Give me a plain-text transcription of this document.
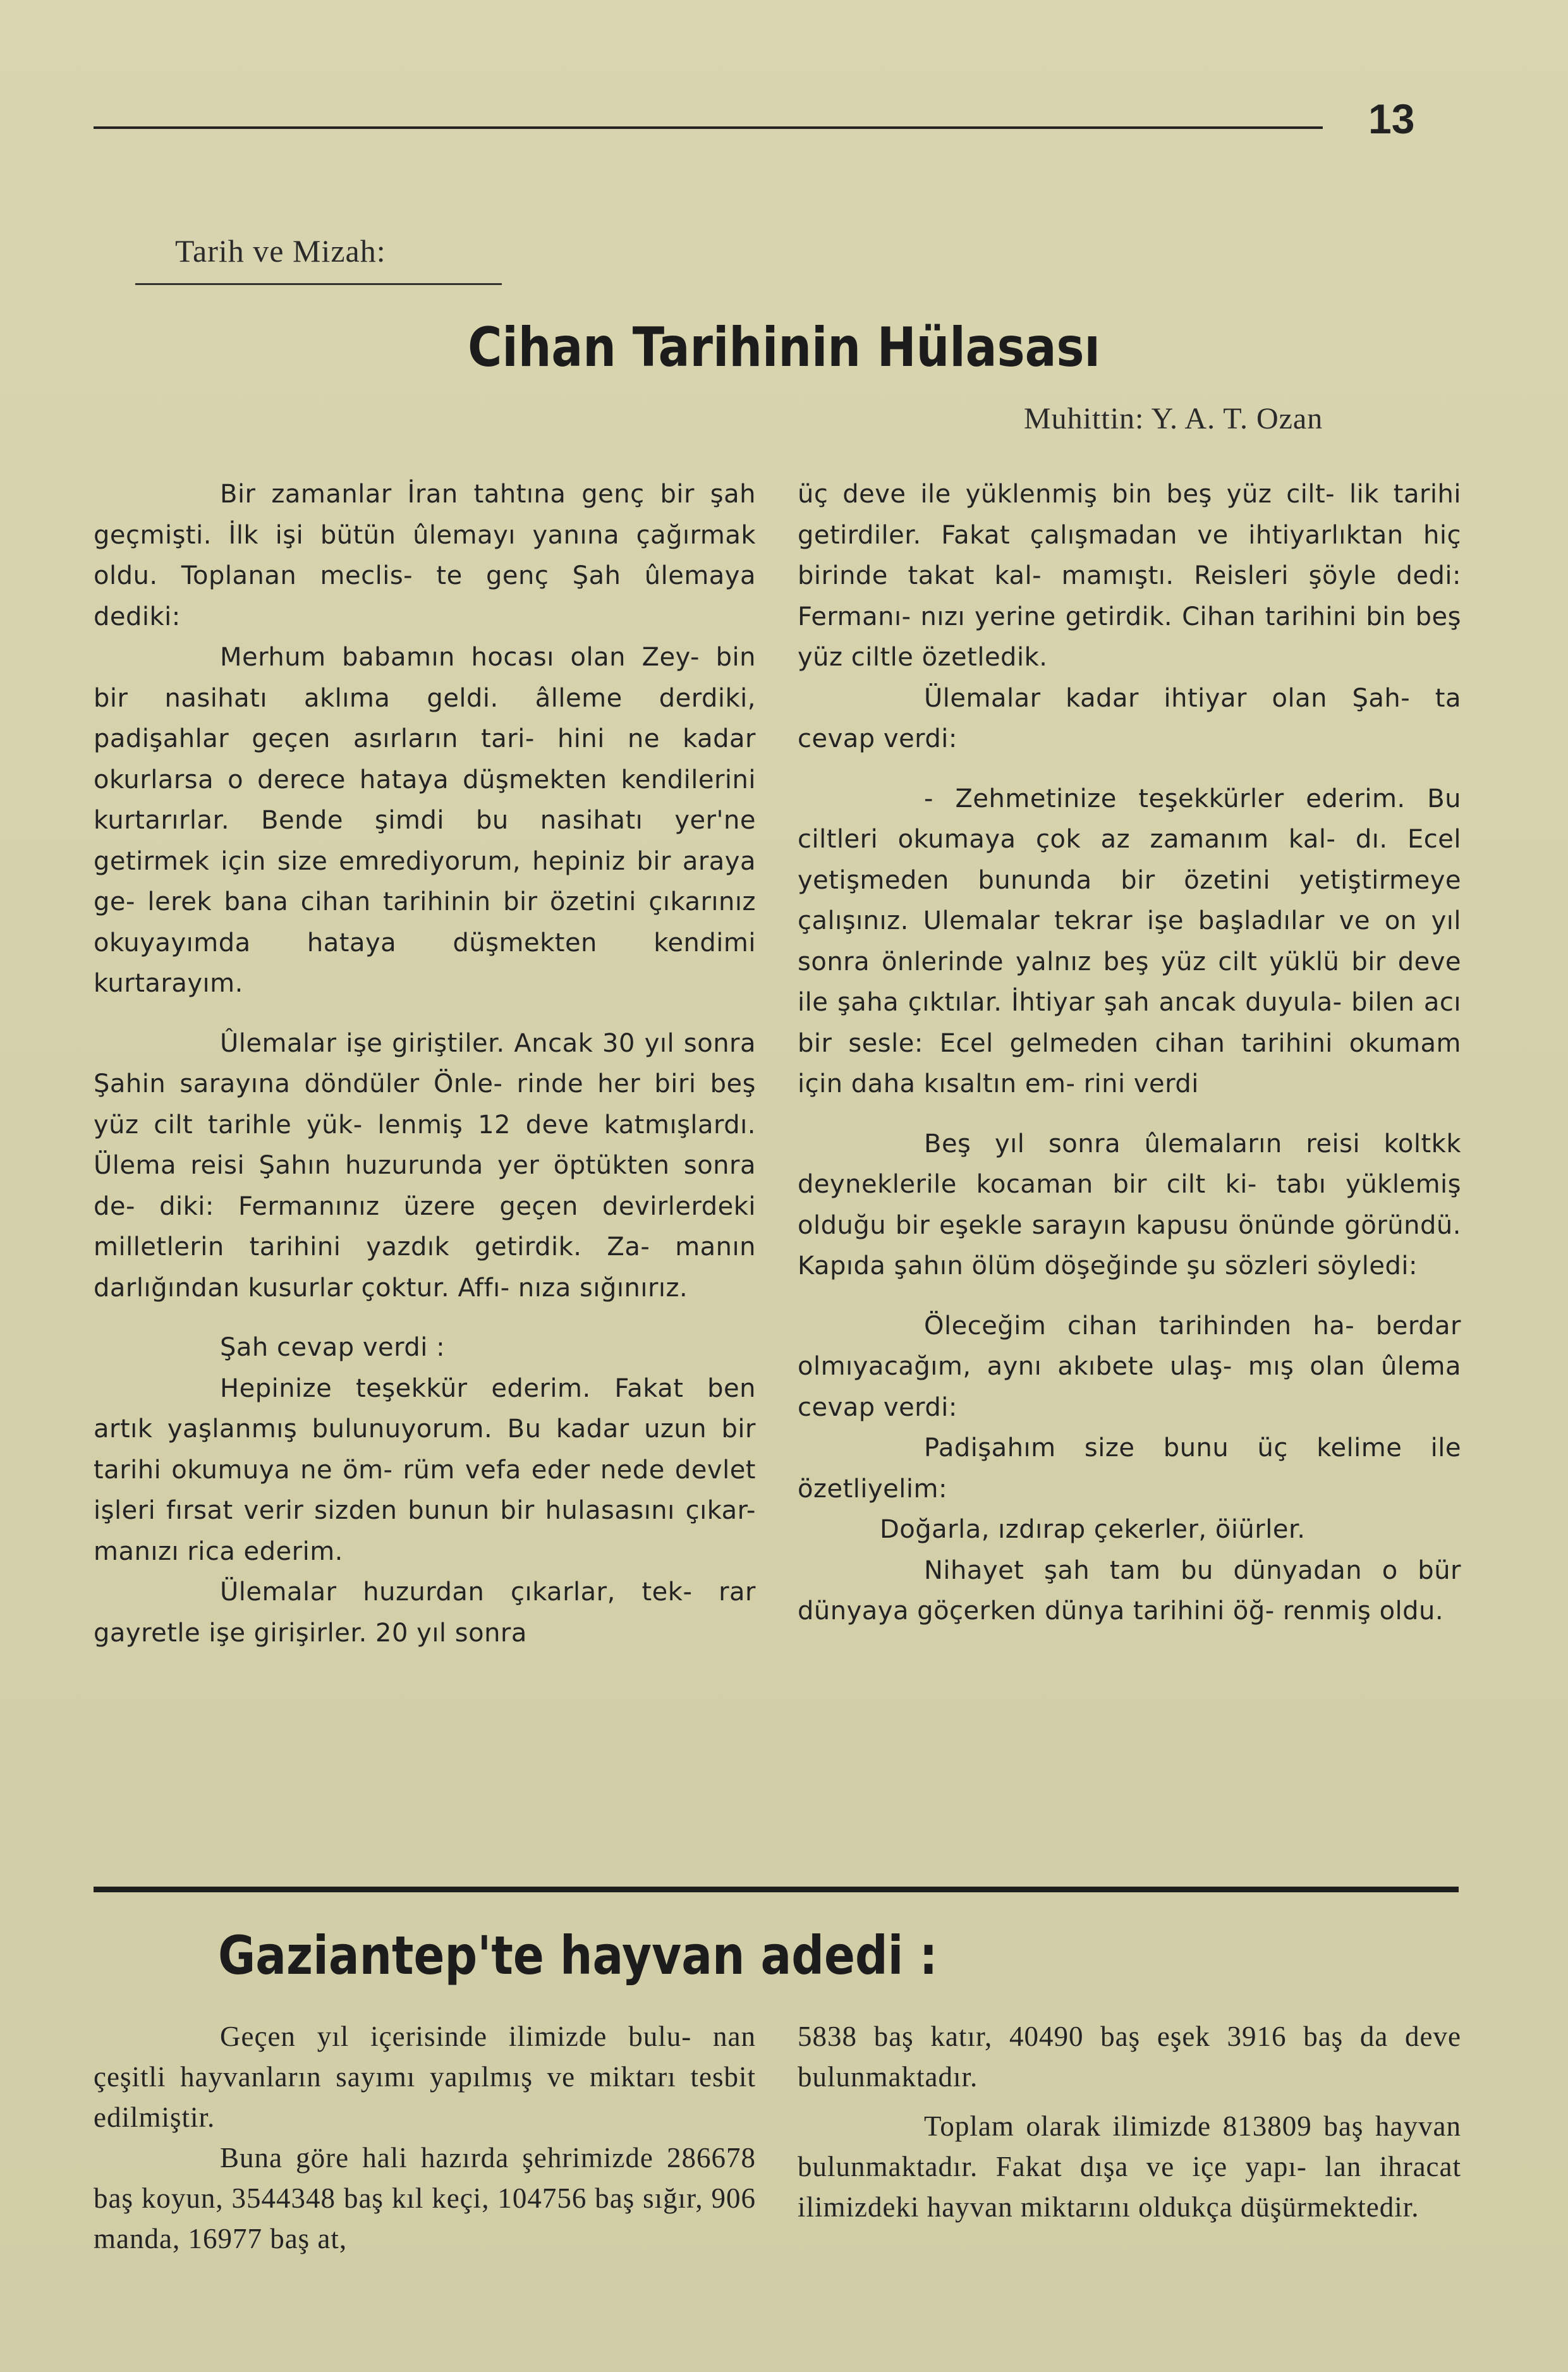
13
Tarih ve Mizah:
Cihan Tarihinin Hülasası
Muhittin: Y. A. T. Ozan

Bir zamanlar İran tahtına genç bir şah geçmişti. İlk işi bütün ûlemayı yanına çağırmak oldu. Toplanan meclis- te genç Şah ûlemaya dediki:

Merhum babamın hocası olan Zey- bin bir nasihatı aklıma geldi. âlleme derdiki, padişahlar geçen asırların tari- hini ne kadar okurlarsa o derece hataya düşmekten kendilerini kurtarırlar. Bende şimdi bu nasihatı yer'ne getirmek için size emrediyorum, hepiniz bir araya ge- lerek bana cihan tarihinin bir özetini çıkarınız okuyayımda hataya düşmekten kendimi kurtarayım.

Ûlemalar işe giriştiler. Ancak 30 yıl sonra Şahin sarayına döndüler Önle- rinde her biri beş yüz cilt tarihle yük- lenmiş 12 deve katmışlardı. Ülema reisi Şahın huzurunda yer öptükten sonra de- diki: Fermanınız üzere geçen devirlerdeki milletlerin tarihini yazdık getirdik. Za- manın darlığından kusurlar çoktur. Affı- nıza sığınırız.

Şah cevap verdi :

Hepinize teşekkür ederim. Fakat ben artık yaşlanmış bulunuyorum. Bu kadar uzun bir tarihi okumuya ne öm- rüm vefa eder nede devlet işleri fırsat verir sizden bunun bir hulasasını çıkar- manızı rica ederim.

Ülemalar huzurdan çıkarlar, tek- rar gayretle işe girişirler. 20 yıl sonra

üç deve ile yüklenmiş bin beş yüz cilt- lik tarihi getirdiler. Fakat çalışmadan ve ihtiyarlıktan hiç birinde takat kal- mamıştı. Reisleri şöyle dedi: Fermanı- nızı yerine getirdik. Cihan tarihini bin beş yüz ciltle özetledik.

Ülemalar kadar ihtiyar olan Şah- ta cevap verdi:

- Zehmetinize teşekkürler ederim. Bu ciltleri okumaya çok az zamanım kal- dı. Ecel yetişmeden bununda bir özetini yetiştirmeye çalışınız. Ulemalar tekrar işe başladılar ve on yıl sonra önlerinde yalnız beş yüz cilt yüklü bir deve ile şaha çıktılar. İhtiyar şah ancak duyula- bilen acı bir sesle: Ecel gelmeden cihan tarihini okumam için daha kısaltın em- rini verdi

Beş yıl sonra ûlemaların reisi koltkk deyneklerile kocaman bir cilt ki- tabı yüklemiş olduğu bir eşekle sarayın kapusu önünde göründü. Kapıda şahın ölüm döşeğinde şu sözleri söyledi:

Öleceğim cihan tarihinden ha- berdar olmıyacağım, aynı akıbete ulaş- mış olan ûlema cevap verdi:

Padişahım size bunu üç kelime ile özetliyelim:

Doğarla, ızdırap çekerler, öiürler.

Nihayet şah tam bu dünyadan o bür dünyaya göçerken dünya tarihini öğ- renmiş oldu.

Gaziantep'te hayvan adedi :

Geçen yıl içerisinde ilimizde bulu- nan çeşitli hayvanların sayımı yapılmış ve miktarı tesbit edilmiştir.

Buna göre hali hazırda şehrimizde 286678 baş koyun, 3544348 baş kıl keçi, 104756 baş sığır, 906 manda, 16977 baş at,

5838 baş katır, 40490 baş eşek 3916 baş da deve bulunmaktadır.

Toplam olarak ilimizde 813809 baş hayvan bulunmaktadır. Fakat dışa ve içe yapı- lan ihracat ilimizdeki hayvan miktarını oldukça düşürmektedir.
